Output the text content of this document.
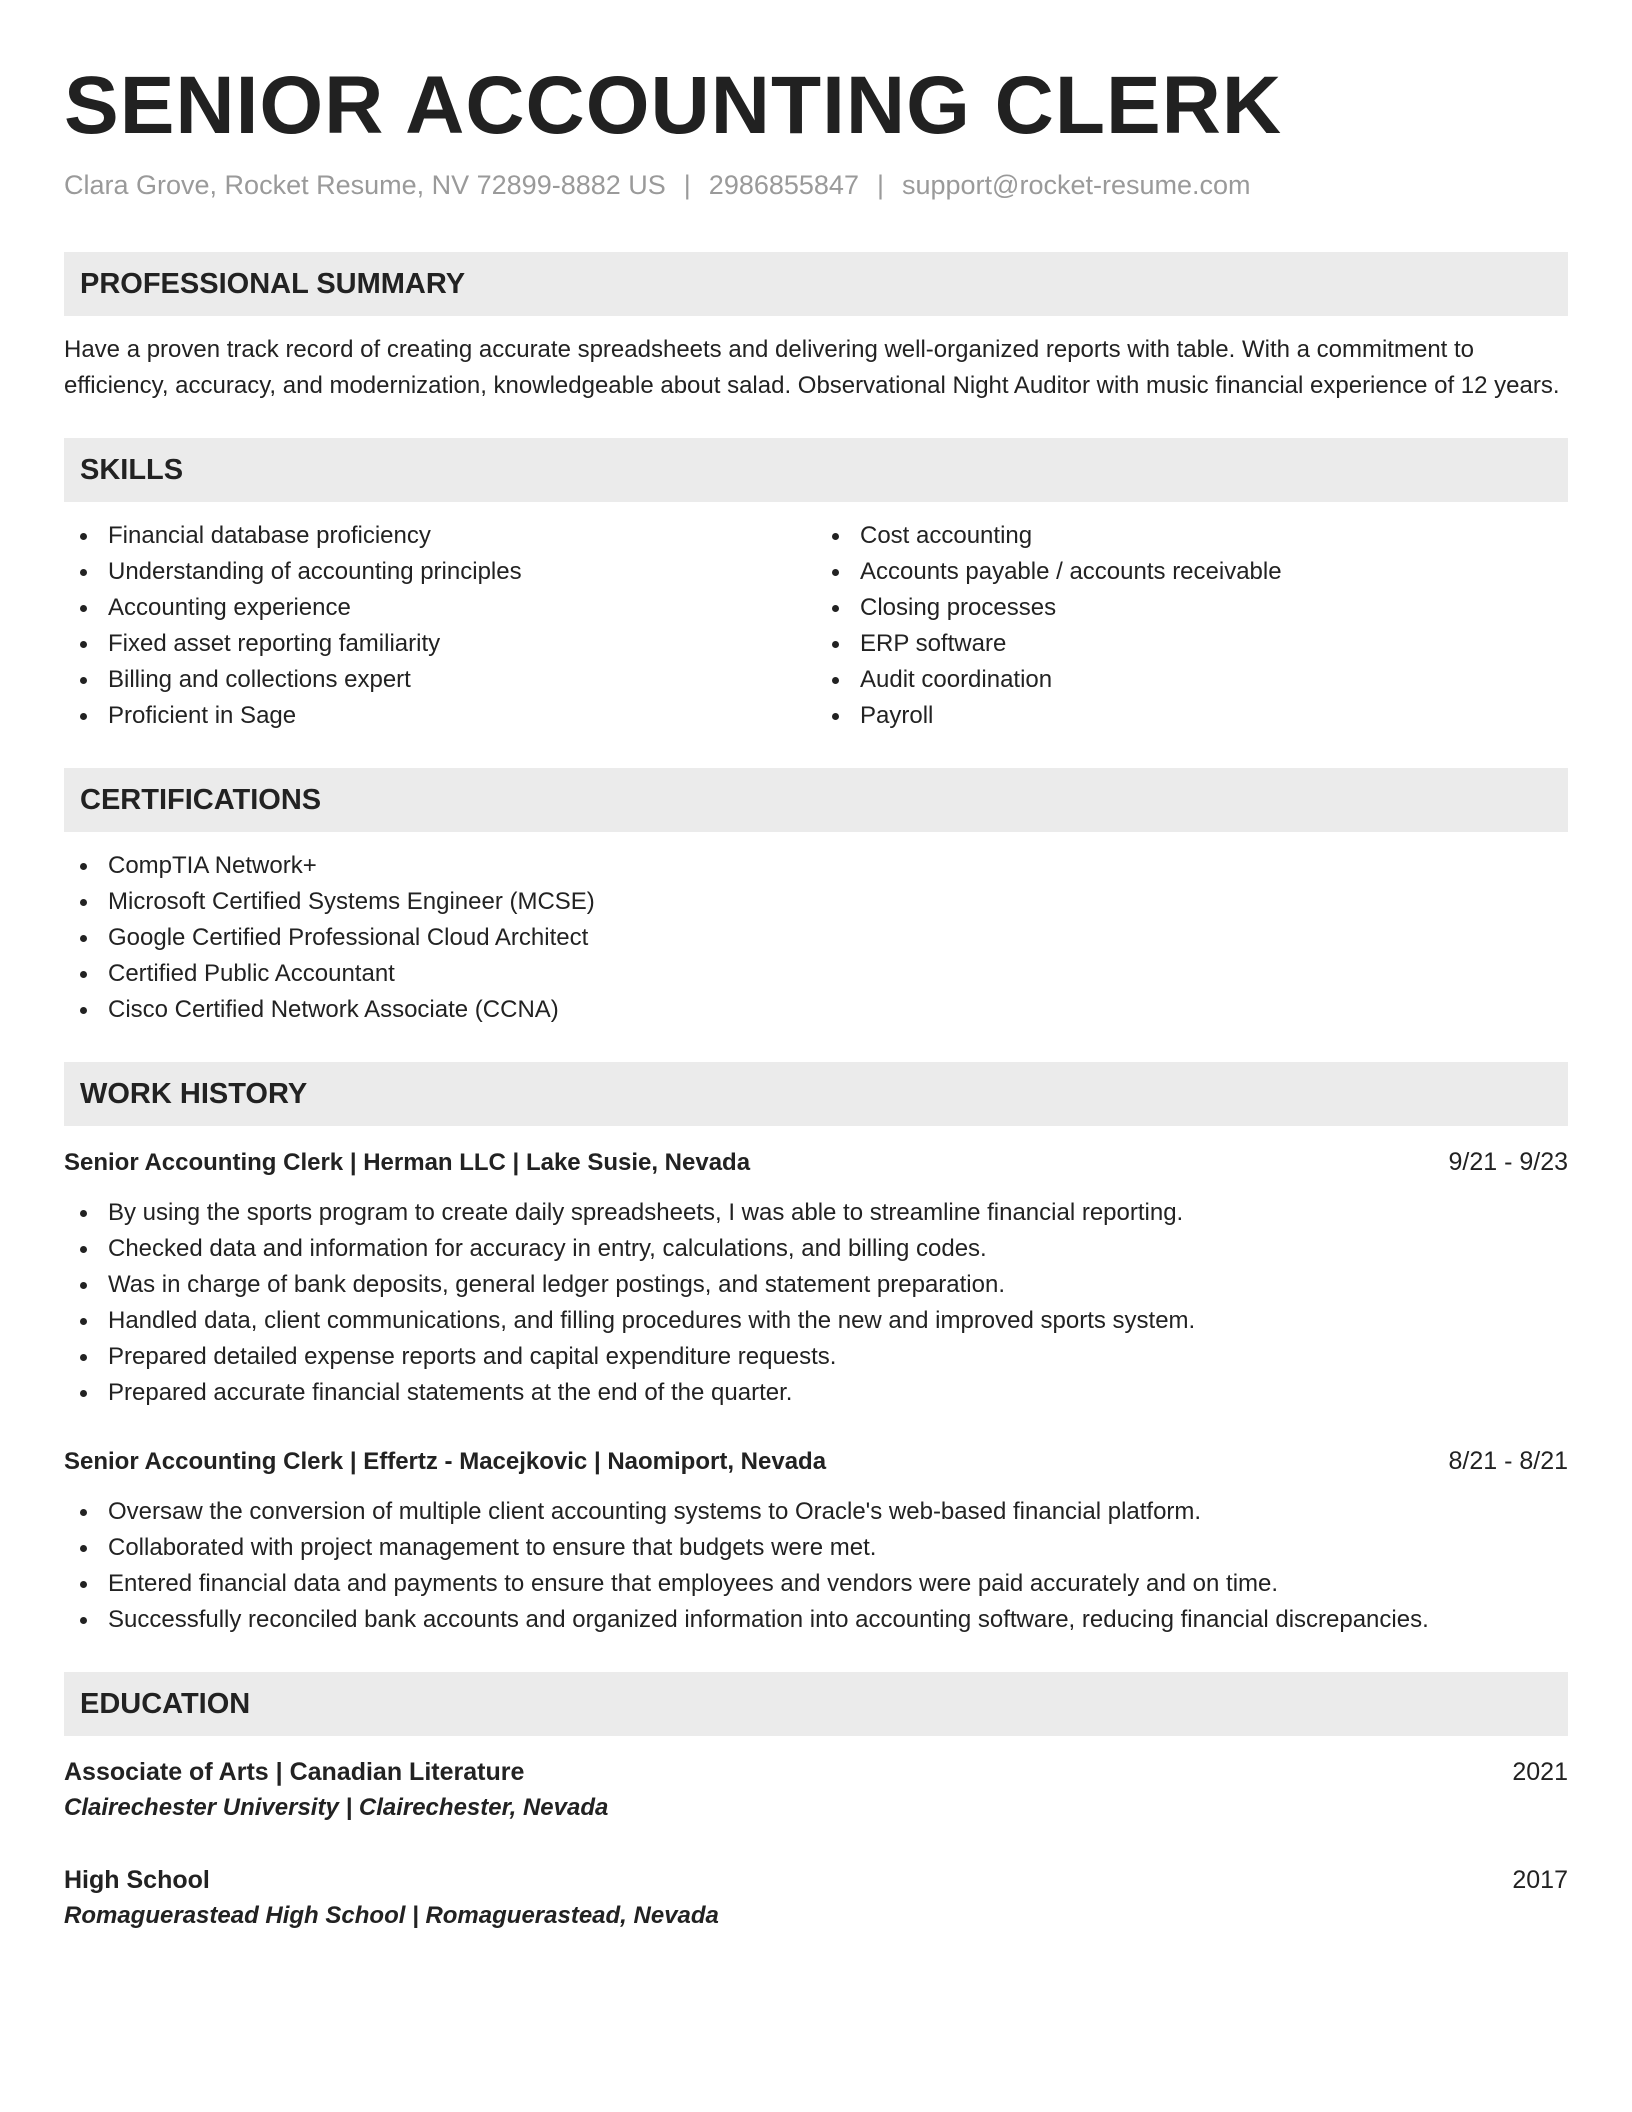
SENIOR ACCOUNTING CLERK
Clara Grove, Rocket Resume, NV 72899-8882 US | 2986855847 | support@rocket-resume.com
PROFESSIONAL SUMMARY
Have a proven track record of creating accurate spreadsheets and delivering well-organized reports with table. With a commitment to efficiency, accuracy, and modernization, knowledgeable about salad. Observational Night Auditor with music financial experience of 12 years.
SKILLS
Financial database proficiency
Understanding of accounting principles
Accounting experience
Fixed asset reporting familiarity
Billing and collections expert
Proficient in Sage
Cost accounting
Accounts payable / accounts receivable
Closing processes
ERP software
Audit coordination
Payroll
CERTIFICATIONS
CompTIA Network+
Microsoft Certified Systems Engineer (MCSE)
Google Certified Professional Cloud Architect
Certified Public Accountant
Cisco Certified Network Associate (CCNA)
WORK HISTORY
Senior Accounting Clerk | Herman LLC | Lake Susie, Nevada	9/21 - 9/23
By using the sports program to create daily spreadsheets, I was able to streamline financial reporting.
Checked data and information for accuracy in entry, calculations, and billing codes.
Was in charge of bank deposits, general ledger postings, and statement preparation.
Handled data, client communications, and filling procedures with the new and improved sports system.
Prepared detailed expense reports and capital expenditure requests.
Prepared accurate financial statements at the end of the quarter.
Senior Accounting Clerk | Effertz - Macejkovic | Naomiport, Nevada	8/21 - 8/21
Oversaw the conversion of multiple client accounting systems to Oracle's web-based financial platform.
Collaborated with project management to ensure that budgets were met.
Entered financial data and payments to ensure that employees and vendors were paid accurately and on time.
Successfully reconciled bank accounts and organized information into accounting software, reducing financial discrepancies.
EDUCATION
Associate of Arts | Canadian Literature	2021
Clairechester University | Clairechester, Nevada
High School	2017
Romaguerastead High School | Romaguerastead, Nevada
